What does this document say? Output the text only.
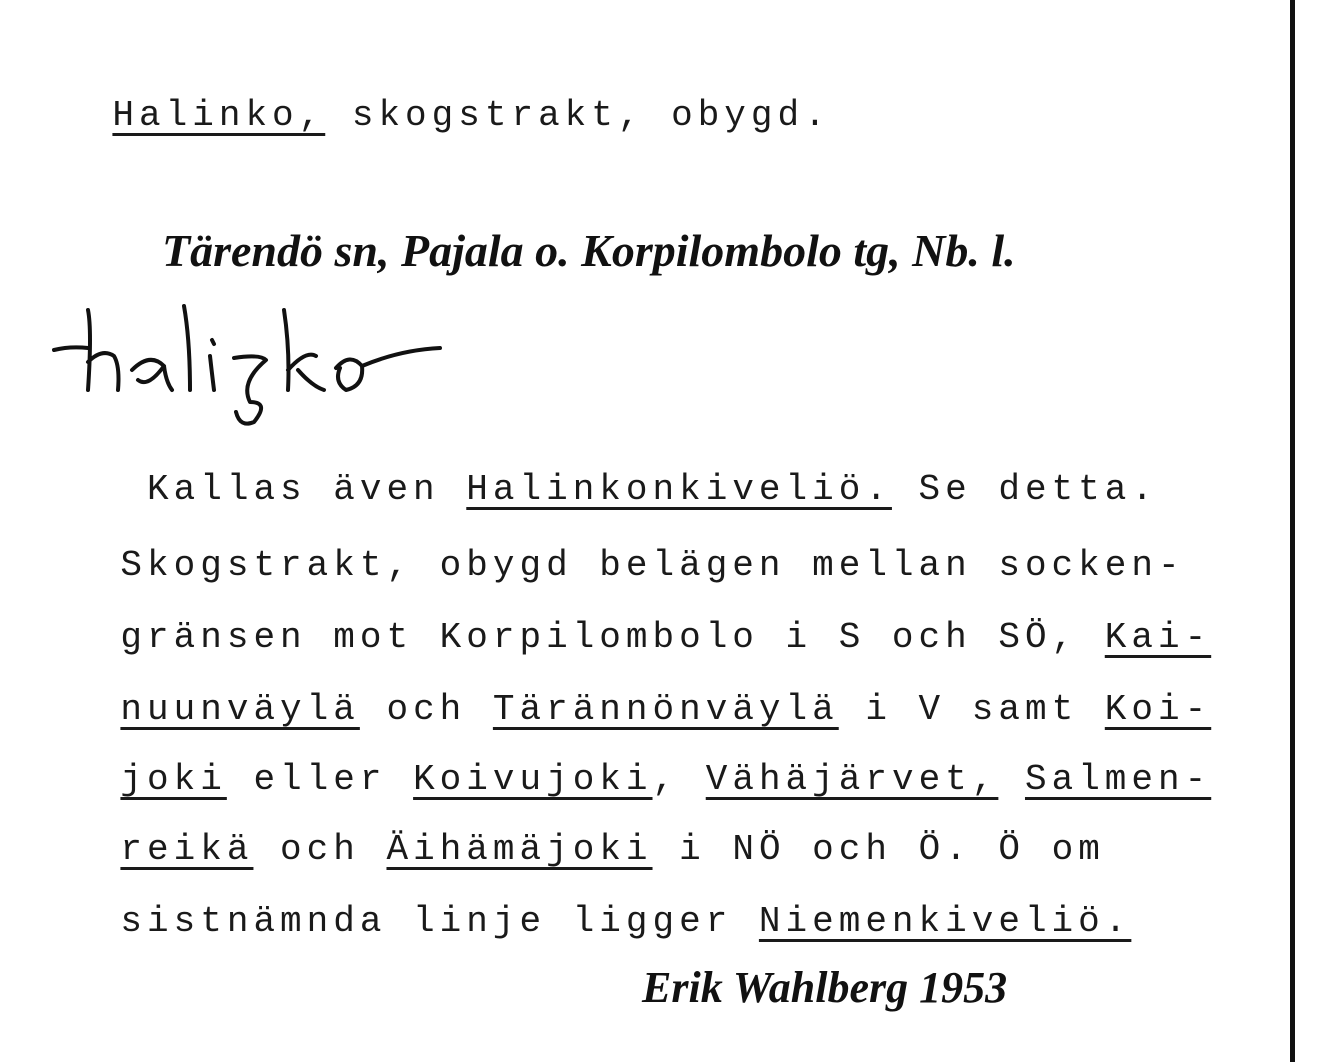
Halinko, skogstrakt, obygd.

Tärendö sn, Pajala o. Korpilombolo tg, Nb. l.

Kallas även Halinkonkiveliö. Se detta.

Skogstrakt, obygd belägen mellan socken-

gränsen mot Korpilombolo i S och SÖ, Kai-

nuunväylä och Tärännönväylä i V samt Koi-

joki eller Koivujoki, Vähäjärvet, Salmen-

reikä och Äihämäjoki i NÖ och Ö. Ö om

sistnämnda linje ligger Niemenkiveliö.

Erik Wahlberg 1953
